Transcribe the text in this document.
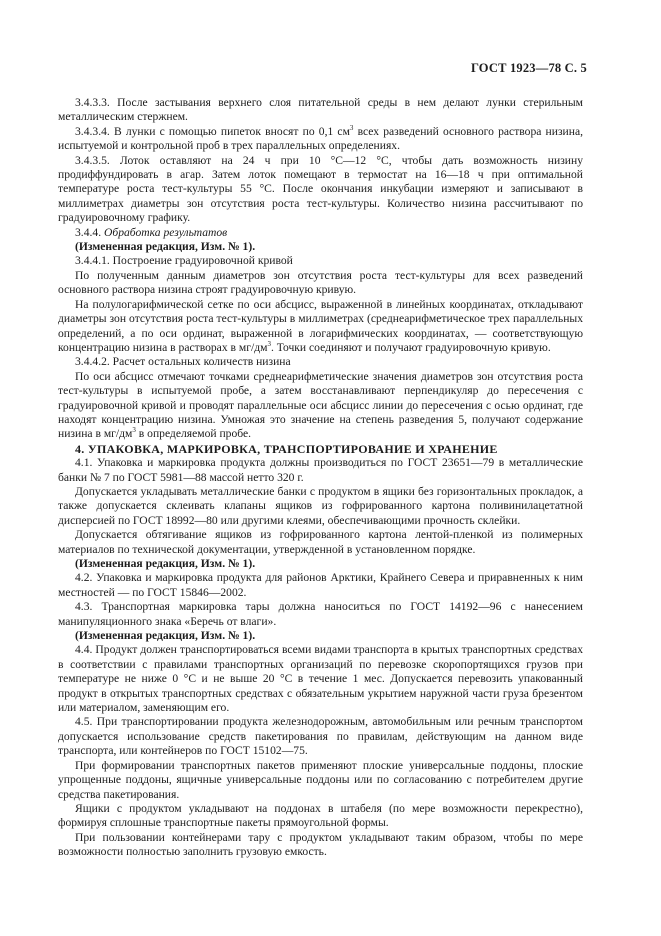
ГОСТ 1923—78 С. 5

3.4.3.3. После застывания верхнего слоя питательной среды в нем делают лунки стерильным металлическим стержнем.

3.4.3.4. В лунки с помощью пипеток вносят по 0,1 $см^3$ всех разведений основного раствора низина, испытуемой и контрольной проб в трех параллельных определениях.

3.4.3.5. Лоток оставляют на 24 ч при 10 °С—12 °С, чтобы дать возможность низину продиффундировать в агар. Затем лоток помещают в термостат на 16—18 ч при оптимальной температуре роста тест-культуры 55 °С. После окончания инкубации измеряют и записывают в миллиметрах диаметры зон отсутствия роста тест-культуры. Количество низина рассчитывают по градуировочному графику.

3.4.4. Обработка результатов

(Измененная редакция, Изм. № 1).

3.4.4.1. Построение градуировочной кривой

По полученным данным диаметров зон отсутствия роста тест-культуры для всех разведений основного раствора низина строят градуировочную кривую.

На полулогарифмической сетке по оси абсцисс, выраженной в линейных координатах, откладывают диаметры зон отсутствия роста тест-культуры в миллиметрах (среднеарифметическое трех параллельных определений, а по оси ординат, выраженной в логарифмических координатах, — соответствующую концентрацию низина в растворах в $мг/дм^3$. Точки соединяют и получают градуировочную кривую.

3.4.4.2. Расчет остальных количеств низина

По оси абсцисс отмечают точками среднеарифметические значения диаметров зон отсутствия роста тест-культуры в испытуемой пробе, а затем восстанавливают перпендикуляр до пересечения с градуировочной кривой и проводят параллельные оси абсцисс линии до пересечения с осью ординат, где находят концентрацию низина. Умножая это значение на степень разведения 5, получают содержание низина в $мг/дм^3$ в определяемой пробе.

4. УПАКОВКА, МАРКИРОВКА, ТРАНСПОРТИРОВАНИЕ И ХРАНЕНИЕ

4.1. Упаковка и маркировка продукта должны производиться по ГОСТ 23651—79 в металлические банки № 7 по ГОСТ 5981—88 массой нетто 320 г.

Допускается укладывать металлические банки с продуктом в ящики без горизонтальных прокладок, а также допускается склеивать клапаны ящиков из гофрированного картона поливинилацетатной дисперсией по ГОСТ 18992—80 или другими клеями, обеспечивающими прочность склейки.

Допускается обтягивание ящиков из гофрированного картона лентой-пленкой из полимерных материалов по технической документации, утвержденной в установленном порядке.

(Измененная редакция, Изм. № 1).

4.2. Упаковка и маркировка продукта для районов Арктики, Крайнего Севера и приравненных к ним местностей — по ГОСТ 15846—2002.

4.3. Транспортная маркировка тары должна наноситься по ГОСТ 14192—96 с нанесением манипуляционного знака «Беречь от влаги».

(Измененная редакция, Изм. № 1).

4.4. Продукт должен транспортироваться всеми видами транспорта в крытых транспортных средствах в соответствии с правилами транспортных организаций по перевозке скоропортящихся грузов при температуре не ниже 0 °С и не выше 20 °С в течение 1 мес. Допускается перевозить упакованный продукт в открытых транспортных средствах с обязательным укрытием наружной части груза брезентом или материалом, заменяющим его.

4.5. При транспортировании продукта железнодорожным, автомобильным или речным транспортом допускается использование средств пакетирования по правилам, действующим на данном виде транспорта, или контейнеров по ГОСТ 15102—75.

При формировании транспортных пакетов применяют плоские универсальные поддоны, плоские упрощенные поддоны, ящичные универсальные поддоны или по согласованию с потребителем другие средства пакетирования.

Ящики с продуктом укладывают на поддонах в штабеля (по мере возможности перекрестно), формируя сплошные транспортные пакеты прямоугольной формы.

При пользовании контейнерами тару с продуктом укладывают таким образом, чтобы по мере возможности полностью заполнить грузовую емкость.
